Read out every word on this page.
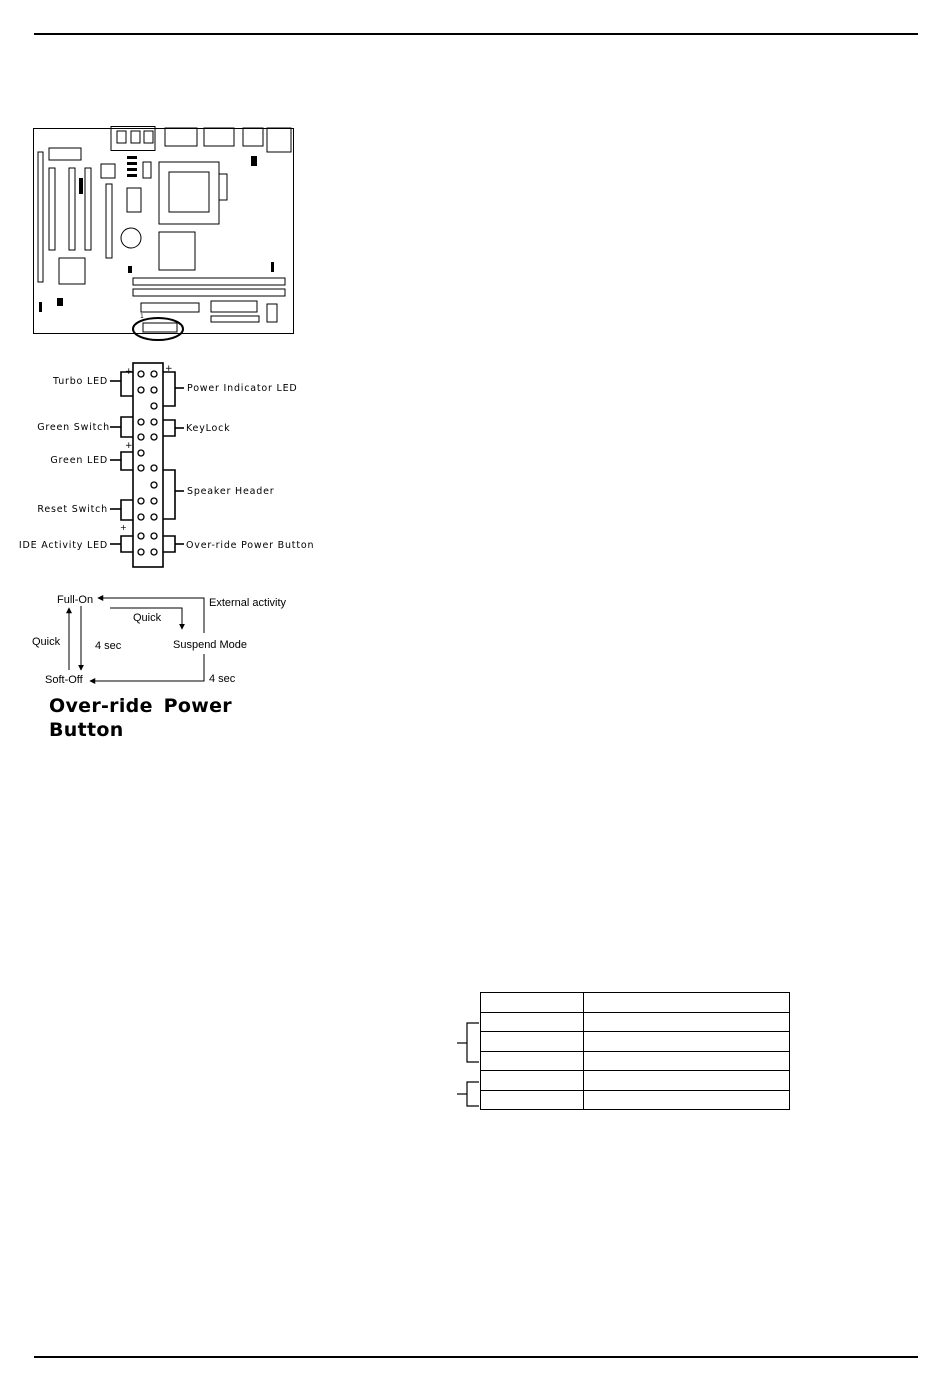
1
Turbo LED
Green Switch
Green LED
Reset Switch
IDE Activity LED
Power Indicator LED
KeyLock
Speaker Header
Over-ride Power Button
+	+
+
+
Full-On	External activity
Quick
Quick	4 sec	Suspend Mode
4 sec
Soft-Off

Over-ride Power Button
